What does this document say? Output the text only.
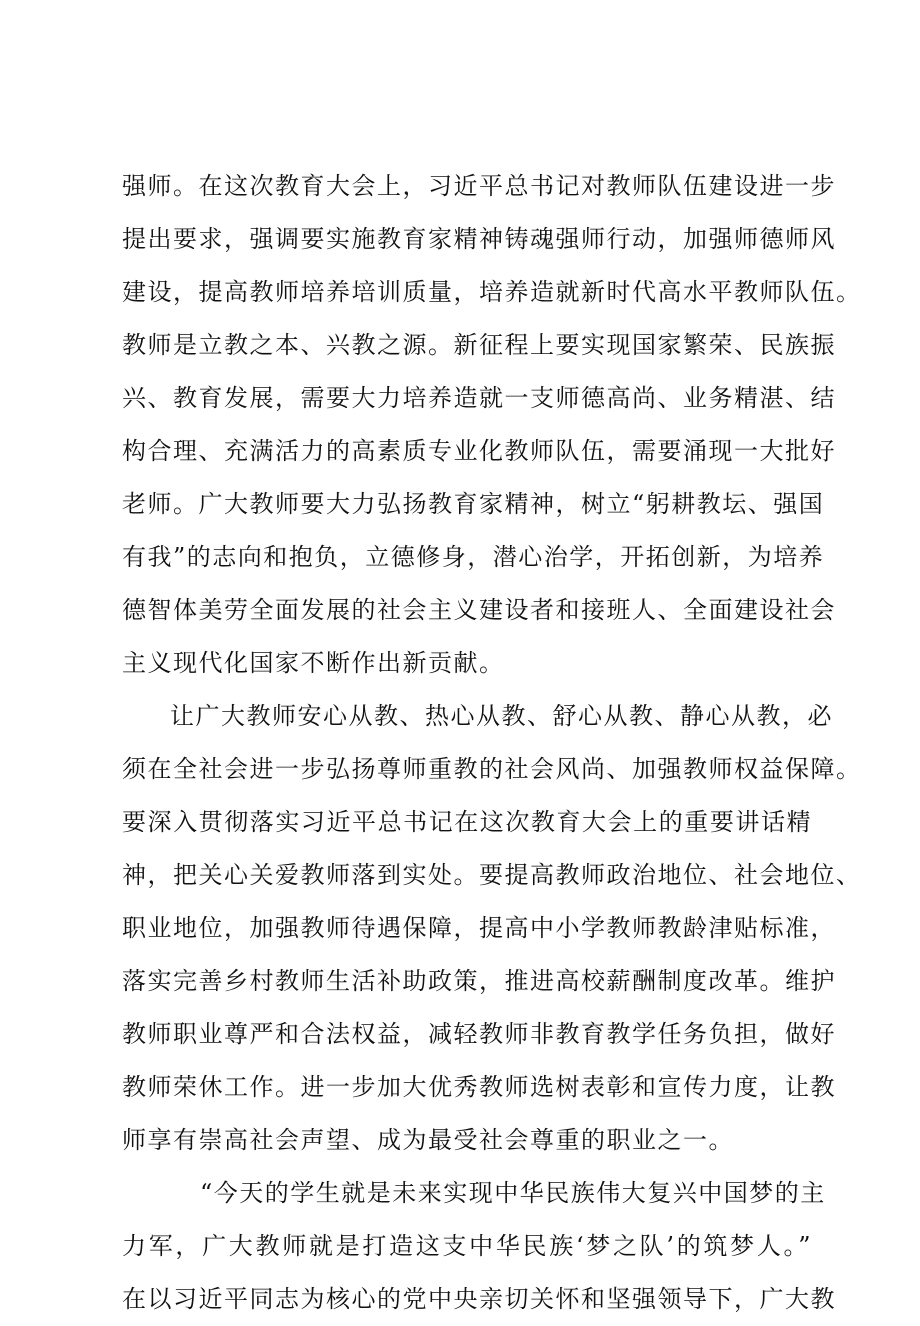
强师。在这次教育大会上，习近平总书记对教师队伍建设进一步
提出要求，强调要实施教育家精神铸魂强师行动，加强师德师风
建设，提高教师培养培训质量，培养造就新时代高水平教师队伍。
教师是立教之本、兴教之源。新征程上要实现国家繁荣、民族振
兴、教育发展，需要大力培养造就一支师德高尚、业务精湛、结
构合理、充满活力的高素质专业化教师队伍，需要涌现一大批好
老师。广大教师要大力弘扬教育家精神，树立“躬耕教坛、强国
有我”的志向和抱负，立德修身，潜心治学，开拓创新，为培养
德智体美劳全面发展的社会主义建设者和接班人、全面建设社会
主义现代化国家不断作出新贡献。
让广大教师安心从教、热心从教、舒心从教、静心从教，必
须在全社会进一步弘扬尊师重教的社会风尚、加强教师权益保障。
要深入贯彻落实习近平总书记在这次教育大会上的重要讲话精
神，把关心关爱教师落到实处。要提高教师政治地位、社会地位、
职业地位，加强教师待遇保障，提高中小学教师教龄津贴标准，
落实完善乡村教师生活补助政策，推进高校薪酬制度改革。维护
教师职业尊严和合法权益，减轻教师非教育教学任务负担，做好
教师荣休工作。进一步加大优秀教师选树表彰和宣传力度，让教
师享有崇高社会声望、成为最受社会尊重的职业之一。
“今天的学生就是未来实现中华民族伟大复兴中国梦的主
力军，广大教师就是打造这支中华民族‘梦之队’的筑梦人。”
在以习近平同志为核心的党中央亲切关怀和坚强领导下，广大教
